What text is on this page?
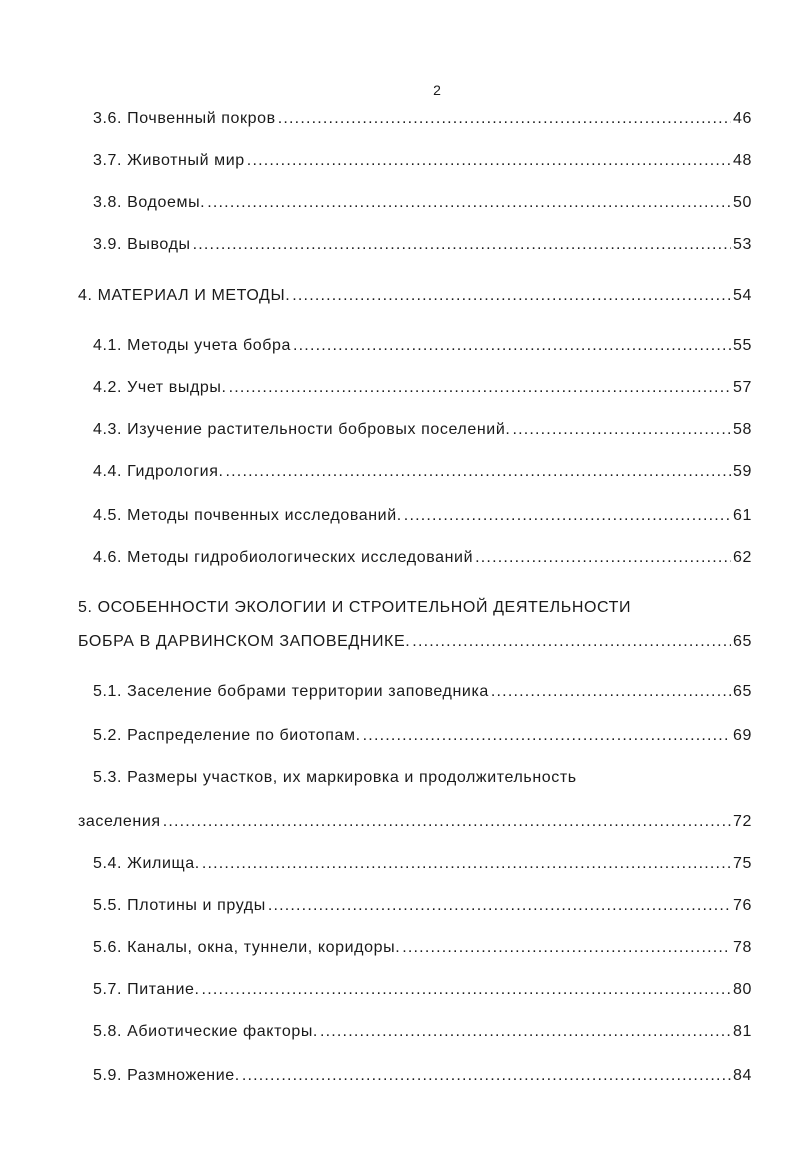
2
3.6. Почвенный покров .....	46
3.7. Животный мир .....	48
3.8. Водоемы. .....	50
3.9. Выводы .....	53
4. МАТЕРИАЛ И МЕТОДЫ. .....	54
4.1. Методы учета бобра .....	55
4.2. Учет выдры. .....	57
4.3. Изучение растительности бобровых поселений. .....	58
4.4. Гидрология. .....	59
4.5. Методы почвенных исследований. .....	61
4.6. Методы гидробиологических исследований .....	62
5. ОСОБЕННОСТИ ЭКОЛОГИИ И СТРОИТЕЛЬНОЙ ДЕЯТЕЛЬНОСТИ
БОБРА В ДАРВИНСКОМ ЗАПОВЕДНИКЕ. .....	65
5.1. Заселение бобрами территории заповедника .....	65
5.2. Распределение по биотопам. .....	69
5.3. Размеры участков, их маркировка и продолжительность
заселения .....	72
5.4. Жилища. .....	75
5.5. Плотины и пруды .....	76
5.6. Каналы, окна, туннели, коридоры. .....	78
5.7. Питание. .....	80
5.8. Абиотические факторы. .....	81
5.9. Размножение. .....	84
